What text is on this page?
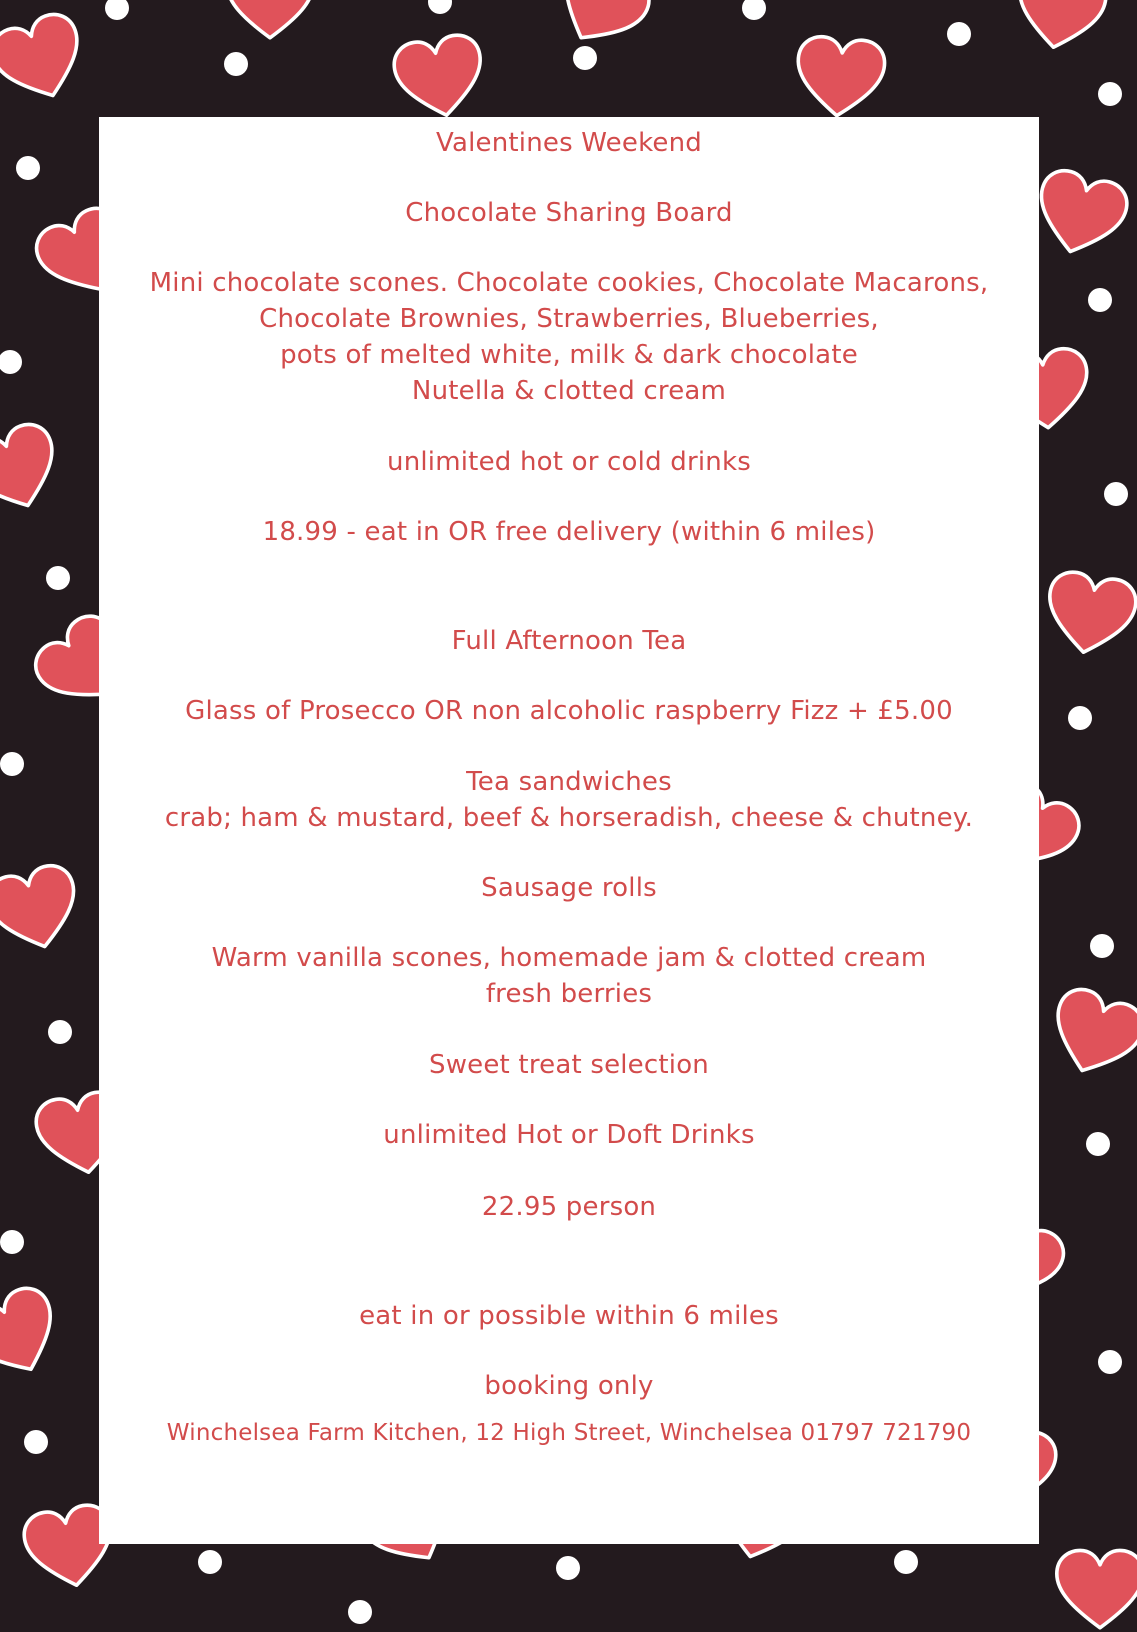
Valentines Weekend
Chocolate Sharing Board
Mini chocolate scones. Chocolate cookies, Chocolate Macarons,
Chocolate Brownies, Strawberries, Blueberries,
pots of melted white, milk & dark chocolate
Nutella & clotted cream
unlimited hot or cold drinks
18.99 - eat in OR free delivery (within 6 miles)
Full Afternoon Tea
Glass of Prosecco OR non alcoholic raspberry Fizz + £5.00
Tea sandwiches
crab; ham & mustard, beef & horseradish, cheese & chutney.
Sausage rolls
Warm vanilla scones, homemade jam & clotted cream
fresh berries
Sweet treat selection
unlimited Hot or Doft Drinks
22.95 person
eat in or possible within 6 miles
booking only
Winchelsea Farm Kitchen, 12 High Street, Winchelsea 01797 721790
